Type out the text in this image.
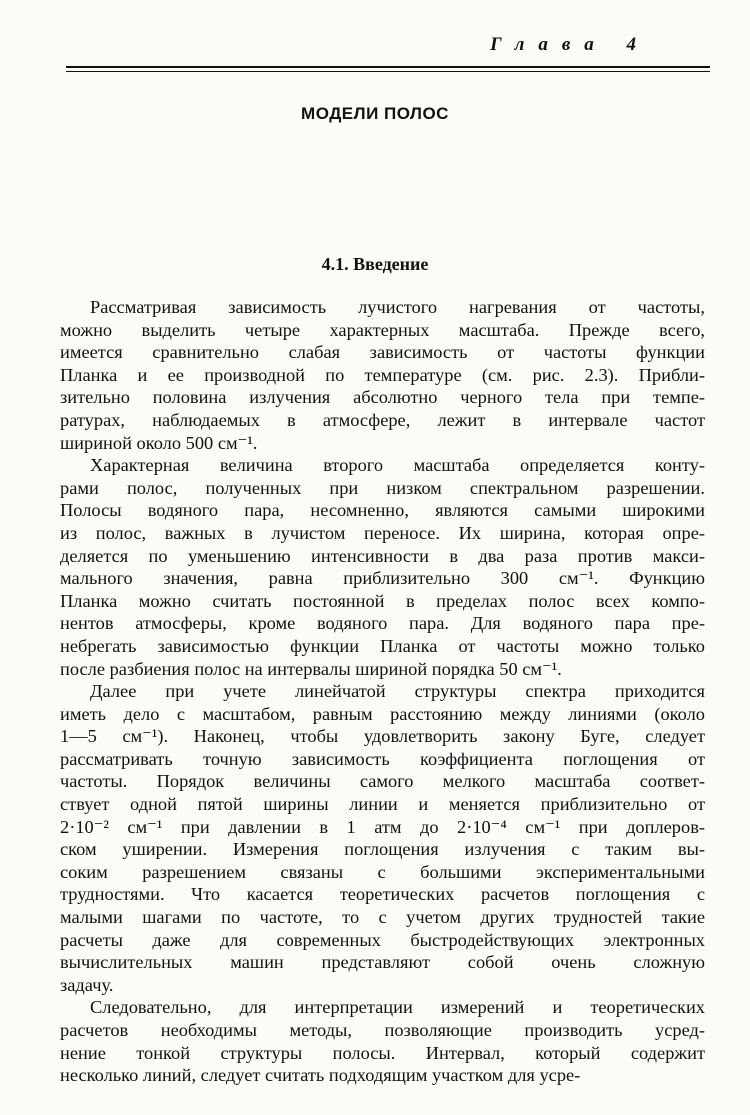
Глава 4
МОДЕЛИ ПОЛОС
4.1. Введение
Рассматривая зависимость лучистого нагревания от частоты,
можно выделить четыре характерных масштаба. Прежде всего,
имеется сравнительно слабая зависимость от частоты функции
Планка и ее производной по температуре (см. рис. 2.3). Прибли-
зительно половина излучения абсолютно черного тела при темпе-
ратурах, наблюдаемых в атмосфере, лежит в интервале частот
шириной около 500 см⁻¹.
Характерная величина второго масштаба определяется конту-
рами полос, полученных при низком спектральном разрешении.
Полосы водяного пара, несомненно, являются самыми широкими
из полос, важных в лучистом переносе. Их ширина, которая опре-
деляется по уменьшению интенсивности в два раза против макси-
мального значения, равна приблизительно 300 см⁻¹. Функцию
Планка можно считать постоянной в пределах полос всех компо-
нентов атмосферы, кроме водяного пара. Для водяного пара пре-
небрегать зависимостью функции Планка от частоты можно только
после разбиения полос на интервалы шириной порядка 50 см⁻¹.
Далее при учете линейчатой структуры спектра приходится
иметь дело с масштабом, равным расстоянию между линиями (около
1—5 см⁻¹). Наконец, чтобы удовлетворить закону Буге, следует
рассматривать точную зависимость коэффициента поглощения от
частоты. Порядок величины самого мелкого масштаба соответ-
ствует одной пятой ширины линии и меняется приблизительно от
2·10⁻² см⁻¹ при давлении в 1 атм до 2·10⁻⁴ см⁻¹ при доплеров-
ском уширении. Измерения поглощения излучения с таким вы-
соким разрешением связаны с большими экспериментальными
трудностями. Что касается теоретических расчетов поглощения с
малыми шагами по частоте, то с учетом других трудностей такие
расчеты даже для современных быстродействующих электронных
вычислительных машин представляют собой очень сложную
задачу.
Следовательно, для интерпретации измерений и теоретических
расчетов необходимы методы, позволяющие производить усред-
нение тонкой структуры полосы. Интервал, который содержит
несколько линий, следует считать подходящим участком для усре-
